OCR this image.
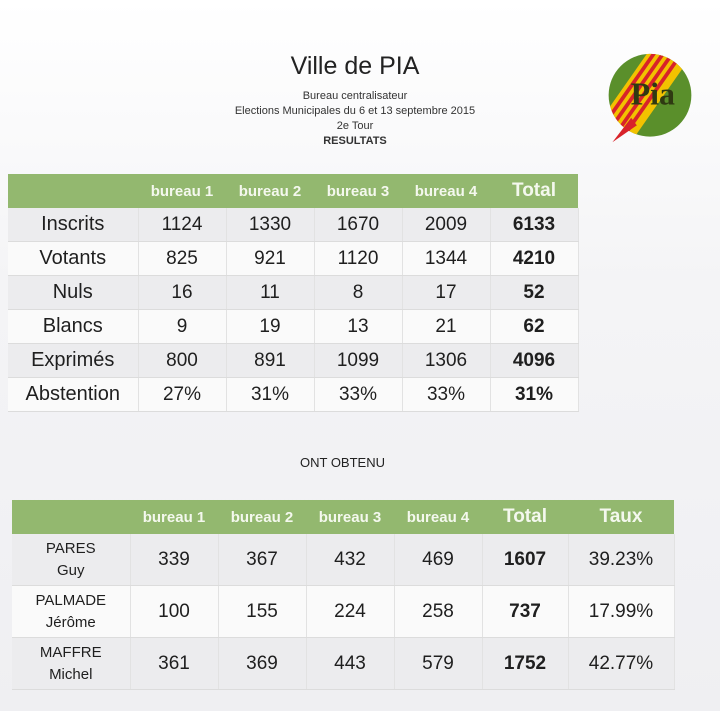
Ville de PIA
Bureau centralisateur
Elections Municipales du 6 et 13 septembre 2015
2e Tour
RESULTATS
Pia
	bureau 1	bureau 2	bureau 3	bureau 4	Total
Inscrits	1124	1330	1670	2009	6133
Votants	825	921	1120	1344	4210
Nuls	16	11	8	17	52
Blancs	9	19	13	21	62
Exprimés	800	891	1099	1306	4096
Abstention	27%	31%	33%	33%	31%
ONT OBTENU
	bureau 1	bureau 2	bureau 3	bureau 4	Total	Taux

PARES
Guy	339	367	432	469	1607	39.23%

PALMADE
Jérôme	100	155	224	258	737	17.99%

MAFFRE
Michel	361	369	443	579	1752	42.77%
